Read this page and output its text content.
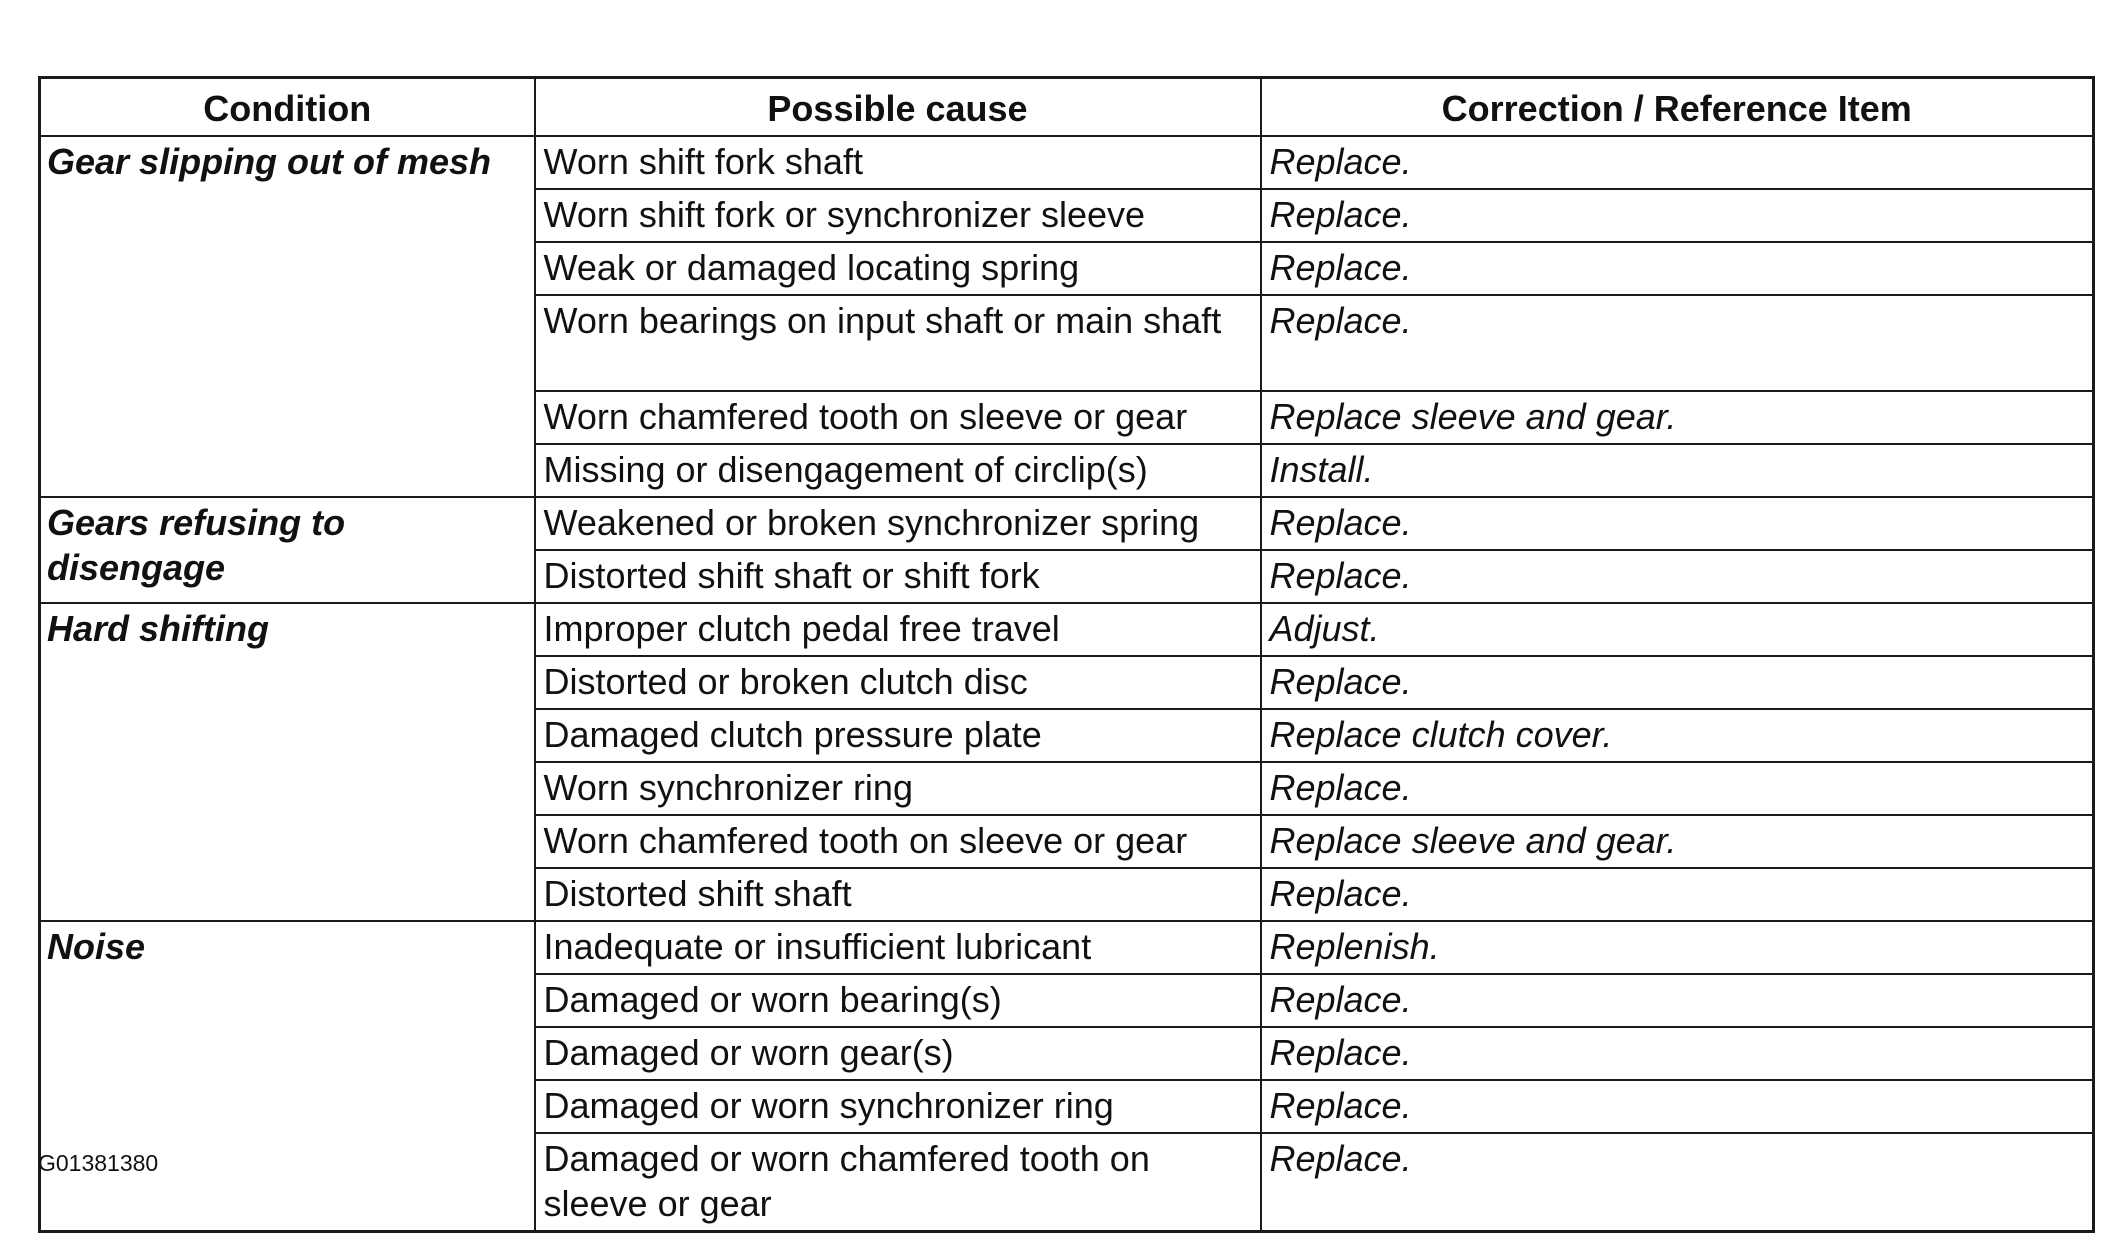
Condition	Possible cause	Correction / Reference Item
Gear slipping out of mesh	Worn shift fork shaft	Replace.
	Worn shift fork or synchronizer sleeve	Replace.
	Weak or damaged locating spring	Replace.
	Worn bearings on input shaft or main shaft	Replace.
	Worn chamfered tooth on sleeve or gear	Replace sleeve and gear.
	Missing or disengagement of circlip(s)	Install.
Gears refusing to disengage	Weakened or broken synchronizer spring	Replace.
	Distorted shift shaft or shift fork	Replace.
Hard shifting	Improper clutch pedal free travel	Adjust.
	Distorted or broken clutch disc	Replace.
	Damaged clutch pressure plate	Replace clutch cover.
	Worn synchronizer ring	Replace.
	Worn chamfered tooth on sleeve or gear	Replace sleeve and gear.
	Distorted shift shaft	Replace.
Noise	Inadequate or insufficient lubricant	Replenish.
	Damaged or worn bearing(s)	Replace.
	Damaged or worn gear(s)	Replace.
	Damaged or worn synchronizer ring	Replace.
	Damaged or worn chamfered tooth on sleeve or gear	Replace.
G01381380
